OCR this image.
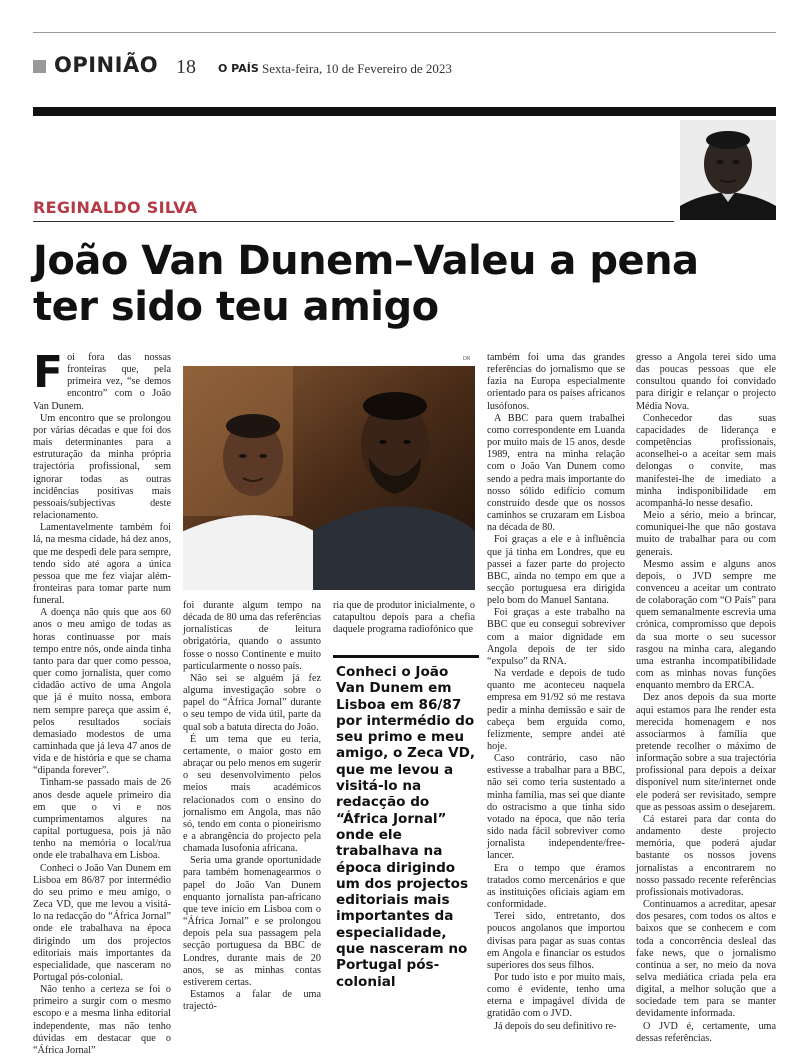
OPINIÃO 18 O PAÍS Sexta-feira, 10 de Fevereiro de 2023
REGINALDO SILVA
João Van Dunem–Valeu a pena ter sido teu amigo
F oi fora das nossas fronteiras que, pela primeira vez, “se demos encontro” com o João Van Dunem.

Um encontro que se prolongou por várias décadas e que foi dos mais determinantes para a estruturação da minha própria trajectória profissional, sem ignorar todas as outras incidências positivas mais pessoais/subjectivas deste relacionamento.

Lamentavelmente também foi lá, na mesma cidade, há dez anos, que me despedi dele para sempre, tendo sido até agora a única pessoa que me fez viajar além-fronteiras para tomar parte num funeral.

A doença não quis que aos 60 anos o meu amigo de todas as horas continuasse por mais tempo entre nós, onde ainda tinha tanto para dar quer como pessoa, quer como jornalista, quer como cidadão activo de uma Angola que já é muito nossa, embora nem sempre pareça que assim é, pelos resultados sociais demasiado modestos de uma caminhada que já leva 47 anos de vida e de história e que se chama “dipanda forever”.

Tinham-se passado mais de 26 anos desde aquele primeiro dia em que o vi e nos cumprimentamos algures na capital portuguesa, pois já não tenho na memória o local/rua onde ele trabalhava em Lisboa.

Conheci o João Van Dunem em Lisboa em 86/87 por intermédio do seu primo e meu amigo, o Zeca VD, que me levou a visitá-lo na redacção do “África Jornal” onde ele trabalhava na época dirigindo um dos projectos editoriais mais importantes da especialidade, que nasceram no Portugal pós-colonial.

Não tenho a certeza se foi o primeiro a surgir com o mesmo escopo e a mesma linha editorial independente, mas não tenho dúvidas em destacar que o “África Jornal”

DR

foi durante algum tempo na década de 80 uma das referências jornalísticas de leitura obrigatória, quando o assunto fosse o nosso Continente e muito particularmente o nosso país.

Não sei se alguém já fez alguma investigação sobre o papel do “África Jornal” durante o seu tempo de vida útil, parte da qual sob a batuta directa do João.

É um tema que eu teria, certamente, o maior gosto em abraçar ou pelo menos em sugerir o seu desenvolvimento pelos meios mais académicos relacionados com o ensino do jornalismo em Angola, mas não só, tendo em conta o pioneirismo e a abrangência do projecto pela chamada lusofonia africana.

Seria uma grande oportunidade para também homenagearmos o papel do João Van Dunem enquanto jornalista pan-africano que teve início em Lisboa com o “África Jornal” e se prolongou depois pela sua passagem pela secção portuguesa da BBC de Londres, durante mais de 20 anos, se as minhas contas estiverem certas.

Estamos a falar de uma trajectó-

ria que de produtor inicialmente, o catapultou depois para a chefia daquele programa radiofónico que

Conheci o João Van Dunem em Lisboa em 86/87 por intermédio do seu primo e meu amigo, o Zeca VD, que me levou a visitá-lo na redacção do “África Jornal” onde ele trabalhava na época dirigindo um dos projectos editoriais mais importantes da especialidade, que nasceram no Portugal pós-colonial

também foi uma das grandes referências do jornalismo que se fazia na Europa especialmente orientado para os países africanos lusófonos.

A BBC para quem trabalhei como correspondente em Luanda por muito mais de 15 anos, desde 1989, entra na minha relação com o João Van Dunem como sendo a pedra mais importante do nosso sólido edifício comum construído desde que os nossos caminhos se cruzaram em Lisboa na década de 80.

Foi graças a ele e à influência que já tinha em Londres, que eu passei a fazer parte do projecto BBC, ainda no tempo em que a secção portuguesa era dirigida pelo bom do Manuel Santana.

Foi graças a este trabalho na BBC que eu consegui sobreviver com a maior dignidade em Angola depois de ter sido “expulso” da RNA.

Na verdade e depois de tudo quanto me aconteceu naquela empresa em 91/92 só me restava pedir a minha demissão e sair de cabeça bem erguida como, felizmente, sempre andei até hoje.

Caso contrário, caso não estivesse a trabalhar para a BBC, não sei como teria sustentado a minha família, mas sei que diante do ostracismo a que tinha sido votado na época, que não teria sido nada fácil sobreviver como jornalista independente/free-lancer.

Era o tempo que éramos tratados como mercenários e que as instituições oficiais agiam em conformidade.

Terei sido, entretanto, dos poucos angolanos que importou divisas para pagar as suas contas em Angola e financiar os estudos superiores dos seus filhos.

Por tudo isto e por muito mais, como é evidente, tenho uma eterna e impagável dívida de gratidão com o JVD.

Já depois do seu definitivo re-

gresso a Angola terei sido uma das poucas pessoas que ele consultou quando foi convidado para dirigir e relançar o projecto Média Nova.

Conhecedor das suas capacidades de liderança e competências profissionais, aconselhei-o a aceitar sem mais delongas o convite, mas manifestei-lhe de imediato a minha indisponibilidade em acompanhá-lo nesse desafio.

Meio a sério, meio a brincar, comuniquei-lhe que não gostava muito de trabalhar para ou com generais.

Mesmo assim e alguns anos depois, o JVD sempre me convenceu a aceitar um contrato de colaboração com “O País” para quem semanalmente escrevia uma crónica, compromisso que depois da sua morte o seu sucessor rasgou na minha cara, alegando uma estranha incompatibilidade com as minhas novas funções enquanto membro da ERCA.

Dez anos depois da sua morte aqui estamos para lhe render esta merecida homenagem e nos associarmos à família que pretende recolher o máximo de informação sobre a sua trajectória profissional para depois a deixar disponível num site/internet onde ele poderá ser revisitado, sempre que as pessoas assim o desejarem.

Cá estarei para dar conta do andamento deste projecto memória, que poderá ajudar bastante os nossos jovens jornalistas a encontrarem no nosso passado recente referências profissionais motivadoras.

Continuamos a acreditar, apesar dos pesares, com todos os altos e baixos que se conhecem e com toda a concorrência desleal das fake news, que o jornalismo continua a ser, no meio da nova selva mediática criada pela era digital, a melhor solução que a sociedade tem para se manter devidamente informada.

O JVD é, certamente, uma dessas referências.
